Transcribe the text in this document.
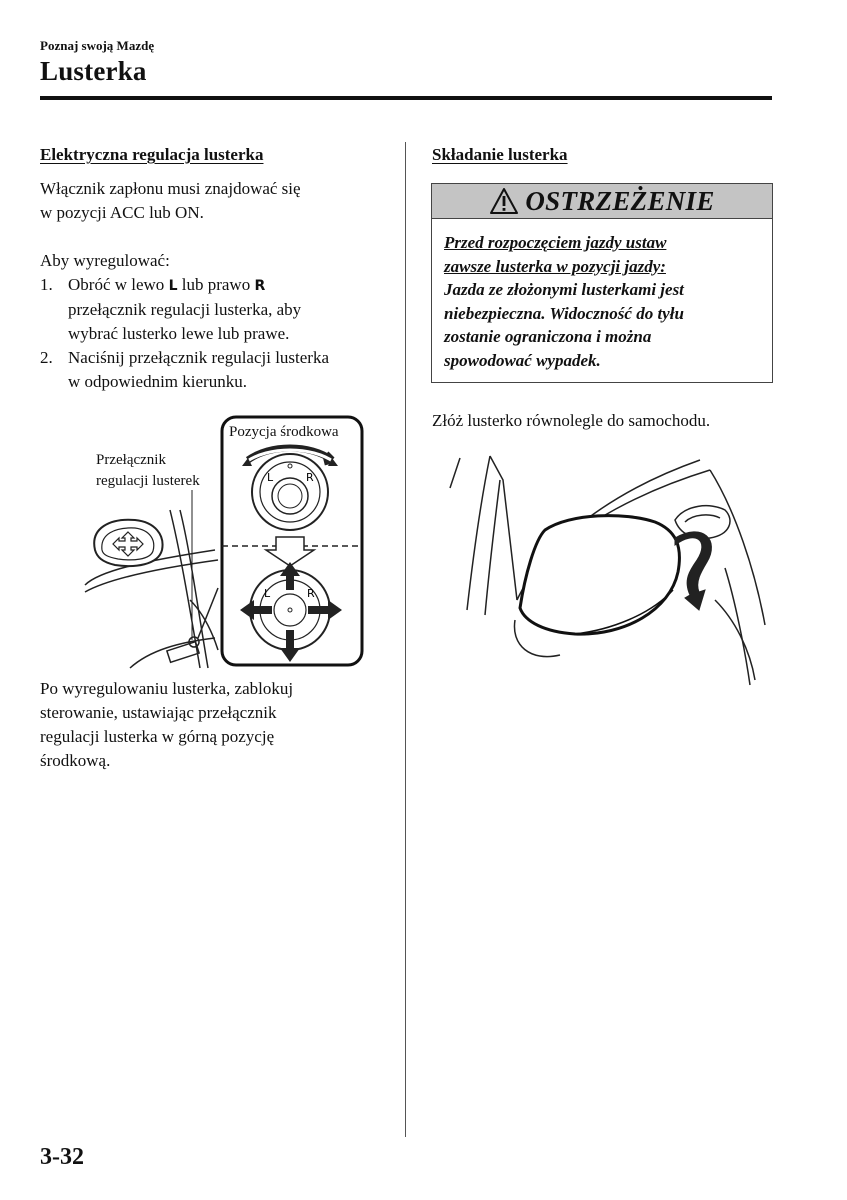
Poznaj swoją Mazdę
Lusterka
Elektryczna regulacja lusterka

Włącznik zapłonu musi znajdować się
w pozycji ACC lub ON.

Aby wyregulować:

1. Obróć w lewo L lub prawo R
przełącznik regulacji lusterka, aby
wybrać lusterko lewe lub prawe.
2. Naciśnij przełącznik regulacji lusterka
w odpowiednim kierunku.
Przełącznik
regulacji lusterek
Pozycja środkowa
L	R
L	R

Po wyregulowaniu lusterka, zablokuj
sterowanie, ustawiając przełącznik
regulacji lusterka w górną pozycję
środkową.

Składanie lusterka
OSTRZEŻENIE
Przed rozpoczęciem jazdy ustaw
zawsze lusterka w pozycji jazdy:
Jazda ze złożonymi lusterkami jest
niebezpieczna. Widoczność do tyłu
zostanie ograniczona i można
spowodować wypadek.

Złóż lusterko równolegle do samochodu.

3-32
